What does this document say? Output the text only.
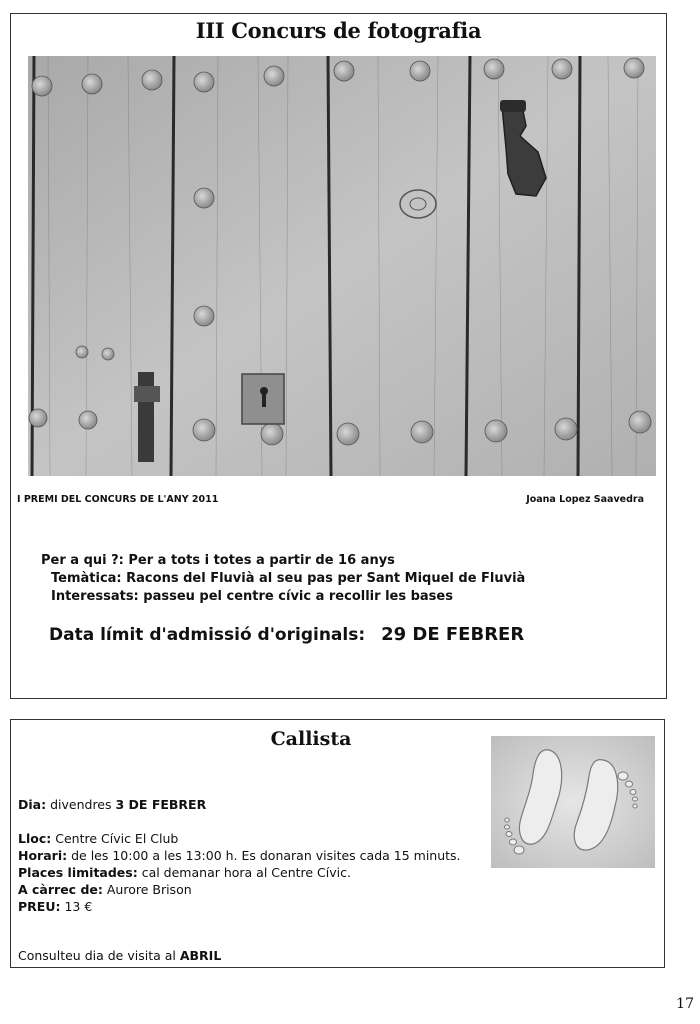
III Concurs de fotografia
I PREMI DEL CONCURS DE L'ANY 2011	Joana Lopez Saavedra
Per a qui ?: Per a tots i totes a partir de 16 anys
Temàtica: Racons del Fluvià al seu pas per Sant Miquel de Fluvià
Interessats: passeu pel centre cívic a recollir les bases
Data límit d'admissió d'originals: 29 DE FEBRER
Callista
Dia: divendres 3 DE FEBRER
Lloc: Centre Cívic El Club
Horari: de les 10:00 a les 13:00 h. Es donaran visites cada 15 minuts.
Places limitades: cal demanar hora al Centre Cívic.
A càrrec de: Aurore Brison
PREU: 13 €
Consulteu dia de visita al ABRIL
17
